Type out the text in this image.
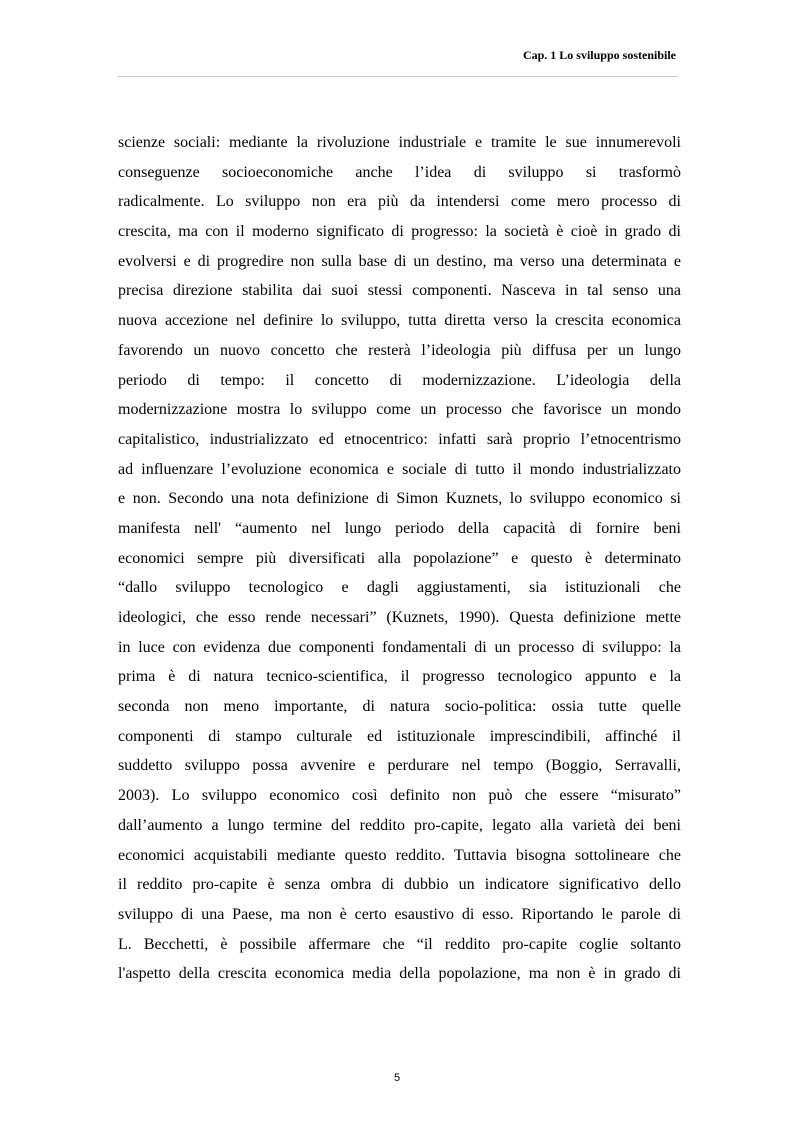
Cap. 1 Lo sviluppo sostenibile
scienze sociali: mediante la rivoluzione industriale e tramite le sue innumerevoli
conseguenze socioeconomiche anche l’idea di sviluppo si trasformò
radicalmente. Lo sviluppo non era più da intendersi come mero processo di
crescita, ma con il moderno significato di progresso: la società è cioè in grado di
evolversi e di progredire non sulla base di un destino, ma verso una determinata e
precisa direzione stabilita dai suoi stessi componenti. Nasceva in tal senso una
nuova accezione nel definire lo sviluppo, tutta diretta verso la crescita economica
favorendo un nuovo concetto che resterà l’ideologia più diffusa per un lungo
periodo di tempo: il concetto di modernizzazione. L’ideologia della
modernizzazione mostra lo sviluppo come un processo che favorisce un mondo
capitalistico, industrializzato ed etnocentrico: infatti sarà proprio l’etnocentrismo
ad influenzare l’evoluzione economica e sociale di tutto il mondo industrializzato
e non. Secondo una nota definizione di Simon Kuznets, lo sviluppo economico si
manifesta nell' “aumento nel lungo periodo della capacità di fornire beni
economici sempre più diversificati alla popolazione” e questo è determinato
“dallo sviluppo tecnologico e dagli aggiustamenti, sia istituzionali che
ideologici, che esso rende necessari” (Kuznets, 1990). Questa definizione mette
in luce con evidenza due componenti fondamentali di un processo di sviluppo: la
prima è di natura tecnico-scientifica, il progresso tecnologico appunto e la
seconda non meno importante, di natura socio-politica: ossia tutte quelle
componenti di stampo culturale ed istituzionale imprescindibili, affinché il
suddetto sviluppo possa avvenire e perdurare nel tempo (Boggio, Serravalli,
2003). Lo sviluppo economico così definito non può che essere “misurato”
dall’aumento a lungo termine del reddito pro-capite, legato alla varietà dei beni
economici acquistabili mediante questo reddito. Tuttavia bisogna sottolineare che
il reddito pro-capite è senza ombra di dubbio un indicatore significativo dello
sviluppo di una Paese, ma non è certo esaustivo di esso. Riportando le parole di
L. Becchetti, è possibile affermare che “il reddito pro-capite coglie soltanto
l'aspetto della crescita economica media della popolazione, ma non è in grado di
5
